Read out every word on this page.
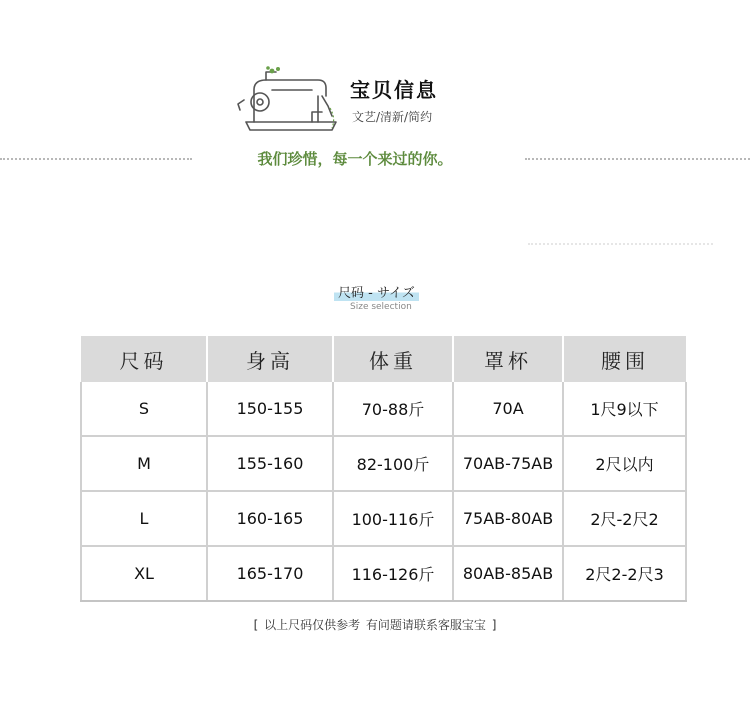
宝贝信息
文艺/清新/简约
我们珍惜，每一个来过的你。
尺码 - サイズ
Size selection
尺码	身高	体重	罩杯	腰围
S	150-155	70-88斤	70A	1尺9以下
M	155-160	82-100斤	70AB-75AB	2尺以内
L	160-165	100-116斤	75AB-80AB	2尺-2尺2
XL	165-170	116-126斤	80AB-85AB	2尺2-2尺3
[ 以上尺码仅供参考 有问题请联系客服宝宝 ]
